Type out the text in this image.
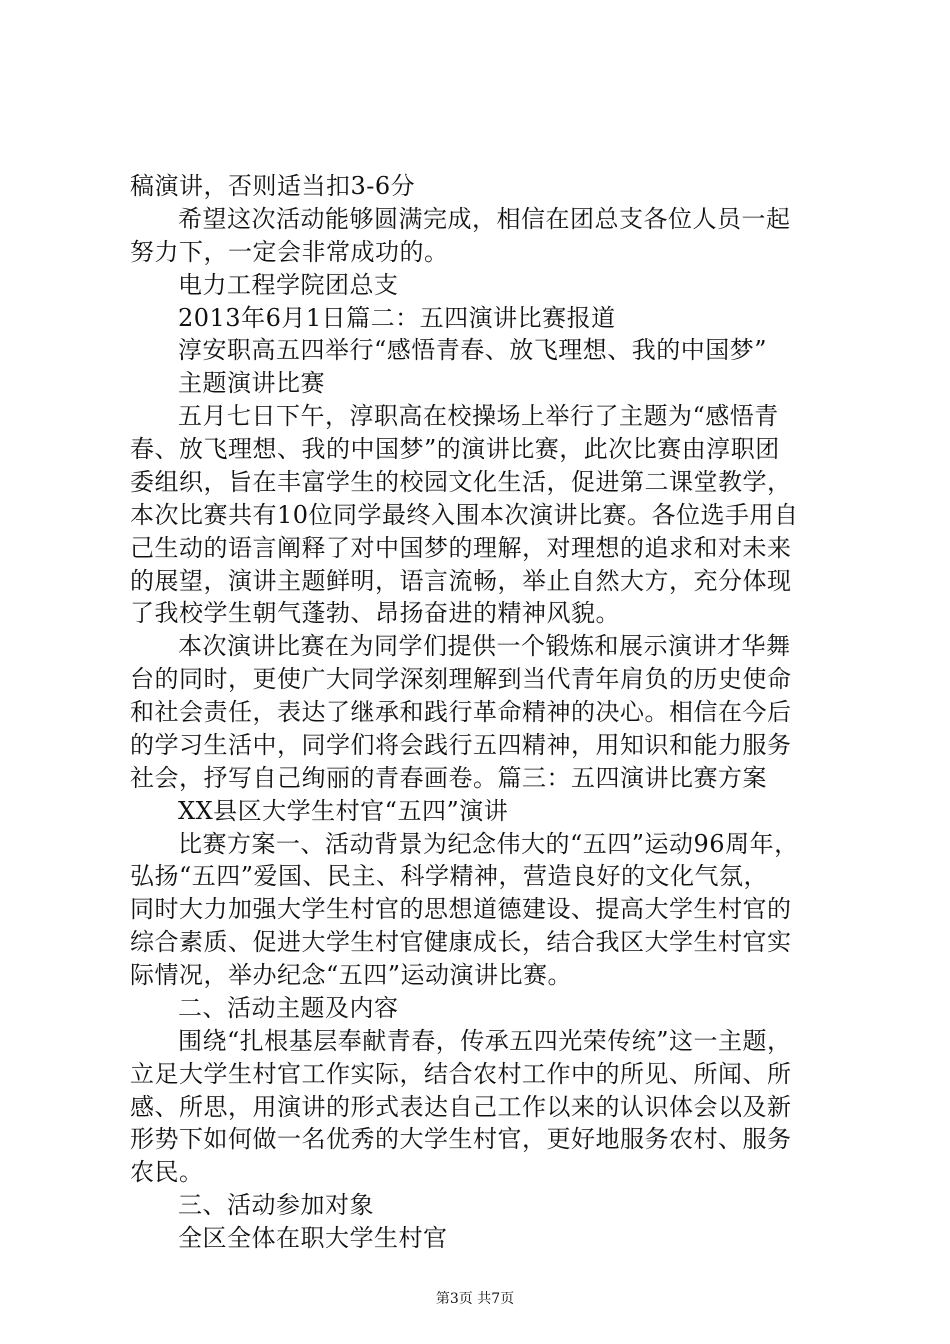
稿演讲，否则适当扣3-6分
希望这次活动能够圆满完成，相信在团总支各位人员一起
努力下，一定会非常成功的。
电力工程学院团总支
2013年6月1日篇二：五四演讲比赛报道
淳安职高五四举行“感悟青春、放飞理想、我的中国梦”
主题演讲比赛
五月七日下午，淳职高在校操场上举行了主题为“感悟青
春、放飞理想、我的中国梦”的演讲比赛，此次比赛由淳职团
委组织，旨在丰富学生的校园文化生活，促进第二课堂教学，
本次比赛共有10位同学最终入围本次演讲比赛。各位选手用自
己生动的语言阐释了对中国梦的理解，对理想的追求和对未来
的展望，演讲主题鲜明，语言流畅，举止自然大方，充分体现
了我校学生朝气蓬勃、昂扬奋进的精神风貌。
本次演讲比赛在为同学们提供一个锻炼和展示演讲才华舞
台的同时，更使广大同学深刻理解到当代青年肩负的历史使命
和社会责任，表达了继承和践行革命精神的决心。相信在今后
的学习生活中，同学们将会践行五四精神，用知识和能力服务
社会，抒写自己绚丽的青春画卷。篇三：五四演讲比赛方案
XX县区大学生村官“五四”演讲
比赛方案一、活动背景为纪念伟大的“五四”运动96周年，
弘扬“五四”爱国、民主、科学精神，营造良好的文化气氛，
同时大力加强大学生村官的思想道德建设、提高大学生村官的
综合素质、促进大学生村官健康成长，结合我区大学生村官实
际情况，举办纪念“五四”运动演讲比赛。
二、活动主题及内容
围绕“扎根基层奉献青春，传承五四光荣传统”这一主题，
立足大学生村官工作实际，结合农村工作中的所见、所闻、所
感、所思，用演讲的形式表达自己工作以来的认识体会以及新
形势下如何做一名优秀的大学生村官，更好地服务农村、服务
农民。
三、活动参加对象
全区全体在职大学生村官
第3页 共7页
